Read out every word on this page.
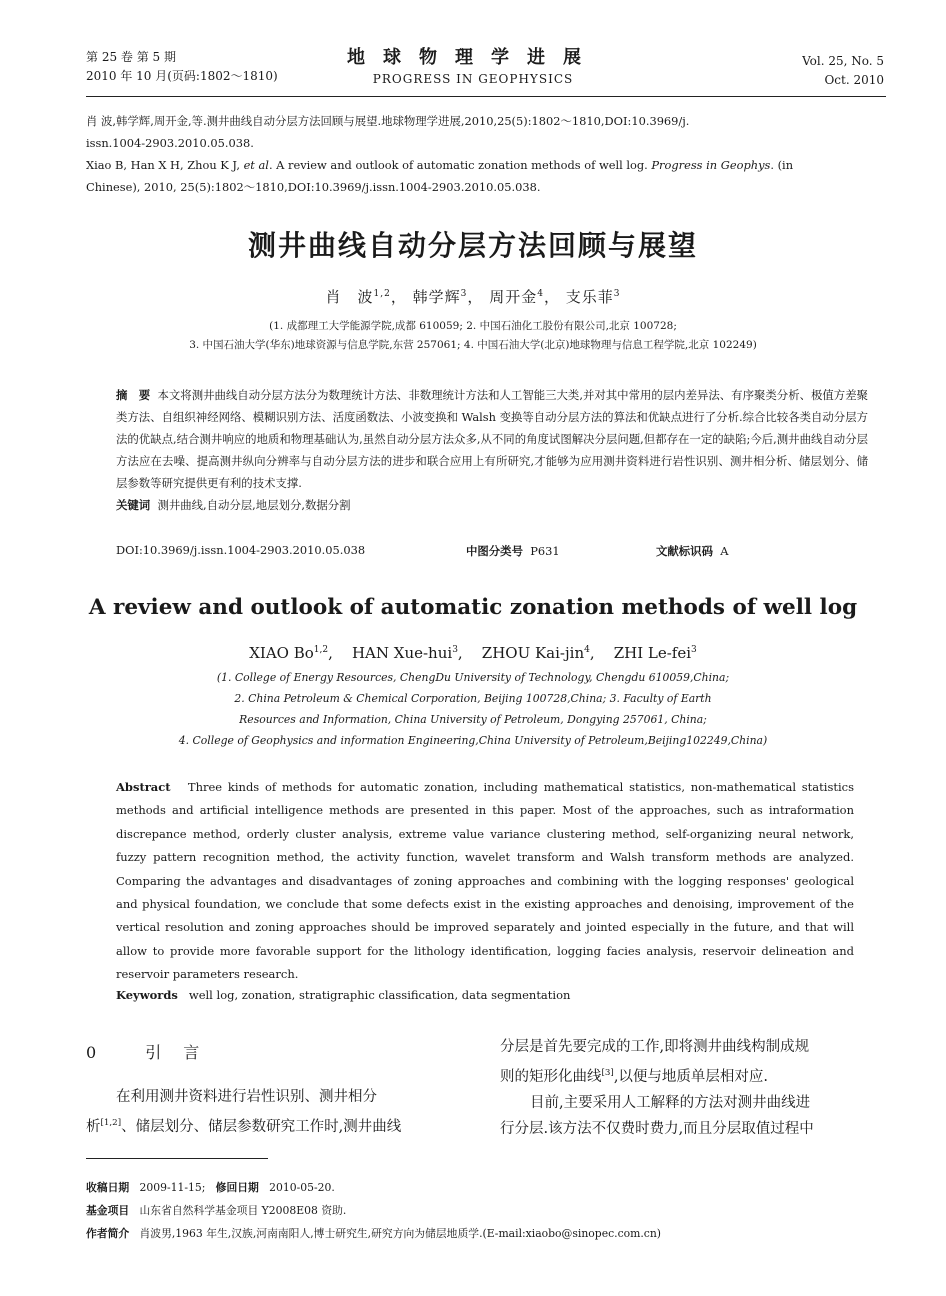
第 25 卷 第 5 期
2010 年 10 月(页码:1802～1810)
地球物理学进展
PROGRESS IN GEOPHYSICS
Vol. 25, No. 5
Oct. 2010
肖 波,韩学辉,周开金,等.测井曲线自动分层方法回顾与展望.地球物理学进展,2010,25(5):1802～1810,DOI:10.3969/j.
issn.1004-2903.2010.05.038.
Xiao B, Han X H, Zhou K J, et al. A review and outlook of automatic zonation methods of well log. Progress in Geophys. (in
Chinese), 2010, 25(5):1802～1810,DOI:10.3969/j.issn.1004-2903.2010.05.038.
测井曲线自动分层方法回顾与展望
肖　波$^{1,2}$， 韩学辉$^3$， 周开金$^4$， 支乐菲$^3$
(1. 成都理工大学能源学院,成都 610059; 2. 中国石油化工股份有限公司,北京 100728;
3. 中国石油大学(华东)地球资源与信息学院,东营 257061; 4. 中国石油大学(北京)地球物理与信息工程学院,北京 102249)
摘　要 本文将测井曲线自动分层方法分为数理统计方法、非数理统计方法和人工智能三大类,并对其中常用的层内差异法、有序聚类分析、极值方差聚类方法、自组织神经网络、模糊识别方法、活度函数法、小波变换和 Walsh 变换等自动分层方法的算法和优缺点进行了分析.综合比较各类自动分层方法的优缺点,结合测井响应的地质和物理基础认为,虽然自动分层方法众多,从不同的角度试图解决分层问题,但都存在一定的缺陷;今后,测井曲线自动分层方法应在去噪、提高测井纵向分辨率与自动分层方法的进步和联合应用上有所研究,才能够为应用测井资料进行岩性识别、测井相分析、储层划分、储层参数等研究提供更有利的技术支撑.
关键词 测井曲线,自动分层,地层划分,数据分割
DOI:10.3969/j.issn.1004-2903.2010.05.038	中图分类号 P631	文献标识码 A
A review and outlook of automatic zonation methods of well log
XIAO Bo$^{1,2}$,    HAN Xue-hui$^3$,    ZHOU Kai-jin$^4$,    ZHI Le-fei$^3$
(1. College of Energy Resources, ChengDu University of Technology, Chengdu 610059,China;
2. China Petroleum & Chemical Corporation, Beijing 100728,China; 3. Faculty of Earth
Resources and Information, China University of Petroleum, Dongying 257061, China;
4. College of Geophysics and information Engineering,China University of Petroleum,Beijing102249,China)
Abstract Three kinds of methods for automatic zonation, including mathematical statistics, non-mathematical statistics methods and artificial intelligence methods are presented in this paper. Most of the approaches, such as intraformation discrepance method, orderly cluster analysis, extreme value variance clustering method, self-organizing neural network, fuzzy pattern recognition method, the activity function, wavelet transform and Walsh transform methods are analyzed. Comparing the advantages and disadvantages of zoning approaches and combining with the logging responses' geological and physical foundation, we conclude that some defects exist in the existing approaches and denoising, improvement of the vertical resolution and zoning approaches should be improved separately and jointed especially in the future, and that will allow to provide more favorable support for the lithology identification, logging facies analysis, reservoir delineation and reservoir parameters research.
Keywords well log, zonation, stratigraphic classification, data segmentation
0 引言
在利用测井资料进行岩性识别、测井相分
析[1,2]、储层划分、储层参数研究工作时,测井曲线
分层是首先要完成的工作,即将测井曲线构制成规
则的矩形化曲线[3],以便与地质单层相对应.
目前,主要采用人工解释的方法对测井曲线进
行分层.该方法不仅费时费力,而且分层取值过程中
收稿日期 2009-11-15; 修回日期 2010-05-20.
基金项目 山东省自然科学基金项目 Y2008E08 资助.
作者简介 肖波男,1963 年生,汉族,河南南阳人,博士研究生,研究方向为储层地质学.(E-mail:xiaobo@sinopec.com.cn)
